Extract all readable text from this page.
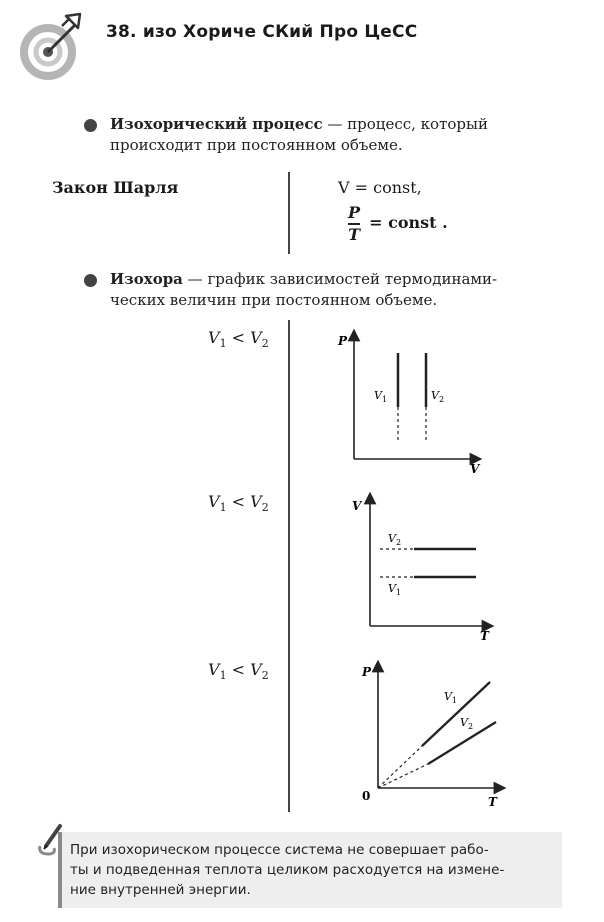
38. изо Хориче СКий Про ЦеСС
Изохорический процесс — процесс, который
происходит при постоянном объеме.
Закон Шарля	V = const,
$\frac{P}{T}$ = const .
Изохора — график зависимостей термодинами-
ческих величин при постоянном объеме.
$V_1 < V_2$
$V_1 < V_2$
$V_1 < V_2$
P
V
$V_1$	$V_2$
V
T
$V_2$
$V_1$
P
T
0
$V_1$
$V_2$
При изохорическом процессе система не совершает рабо-
ты и подведенная теплота целиком расходуется на измене-
ние внутренней энергии.
